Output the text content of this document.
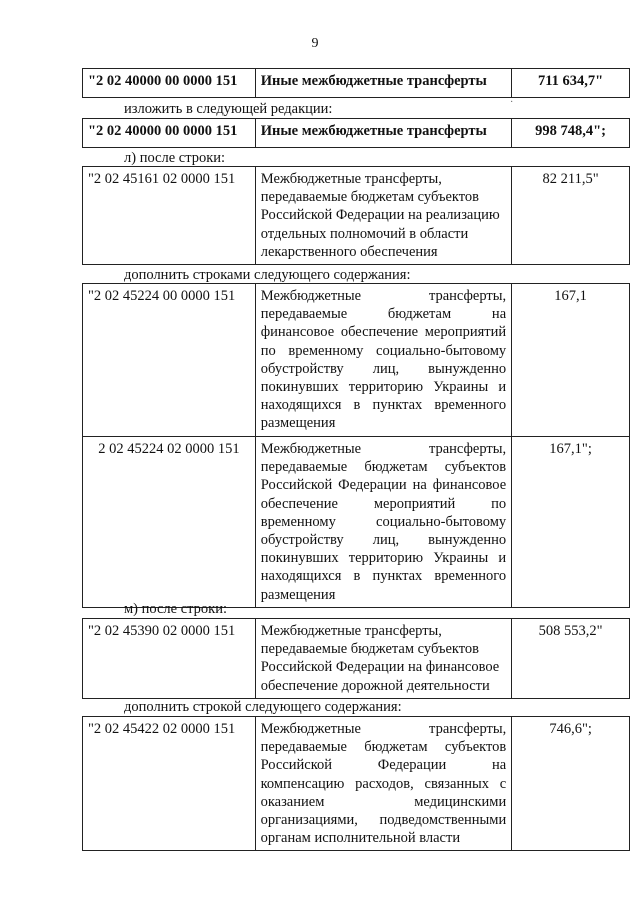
9
"2 02 40000 00 0000 151	Иные межбюджетные трансферты	711 634,7"
изложить в следующей редакции:	·
"2 02 40000 00 0000 151	Иные межбюджетные трансферты	998 748,4";
л) после строки:
"2 02 45161 02 0000 151	Межбюджетные трансферты, передаваемые бюджетам субъектов Российской Федерации на реализацию отдельных полномочий в области лекарственного обеспечения	82 211,5"
дополнить строками следующего содержания:
"2 02 45224 00 0000 151	Межбюджетные трансферты, передаваемые бюджетам на финансовое обеспечение мероприятий по временному социально-бытовому обустройству лиц, вынужденно покинувших территорию Украины и находящихся в пунктах временного размещения	167,1
2 02 45224 02 0000 151	Межбюджетные трансферты, передаваемые бюджетам субъектов Российской Федерации на финансовое обеспечение мероприятий по временному социально-бытовому обустройству лиц, вынужденно покинувших территорию Украины и находящихся в пунктах временного размещения	167,1";
м) после строки:
"2 02 45390 02 0000 151	Межбюджетные трансферты, передаваемые бюджетам субъектов Российской Федерации на финансовое обеспечение дорожной деятельности	508 553,2"
дополнить строкой следующего содержания:
"2 02 45422 02 0000 151	Межбюджетные трансферты, передаваемые бюджетам субъектов Российской Федерации на компенсацию расходов, связанных с оказанием медицинскими организациями, подведомственными органам исполнительной власти	746,6";
